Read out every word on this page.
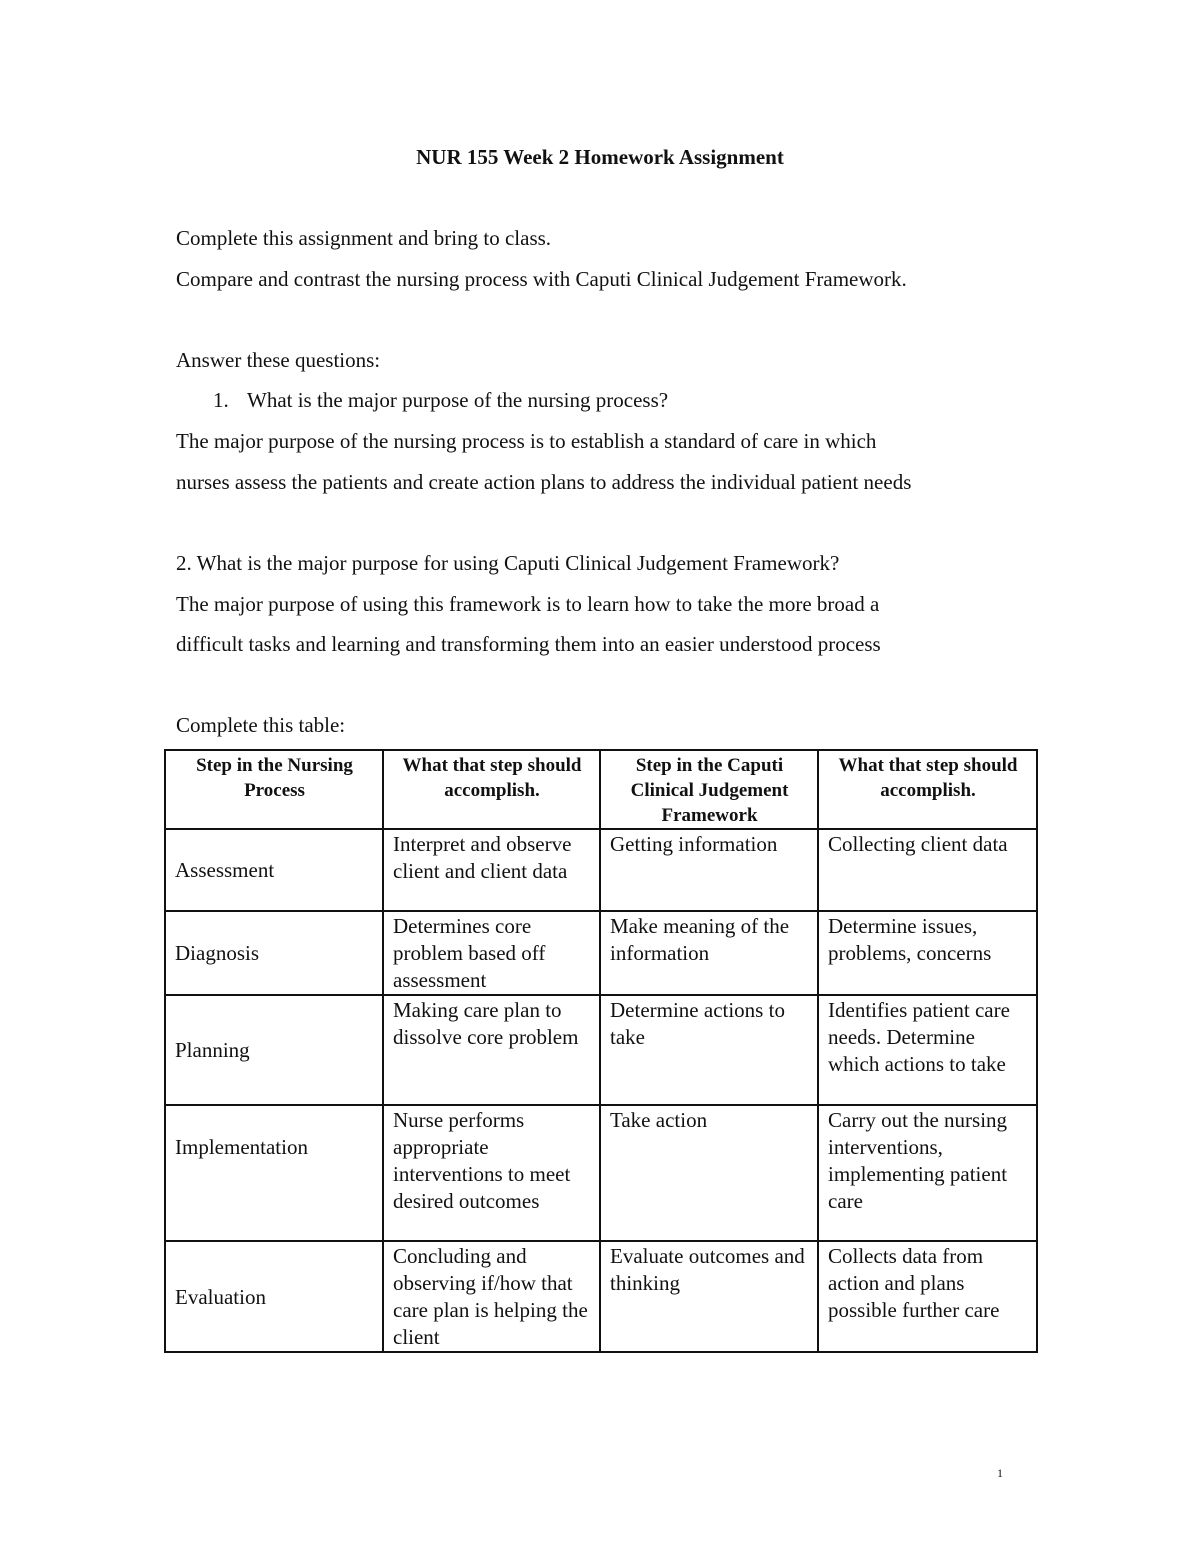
NUR 155 Week 2 Homework Assignment
Complete this assignment and bring to class.
Compare and contrast the nursing process with Caputi Clinical Judgement Framework.
Answer these questions:
1. What is the major purpose of the nursing process?
The major purpose of the nursing process is to establish a standard of care in which
nurses assess the patients and create action plans to address the individual patient needs
2. What is the major purpose for using Caputi Clinical Judgement Framework?
The major purpose of using this framework is to learn how to take the more broad a
difficult tasks and learning and transforming them into an easier understood process
Complete this table:
Step in the Nursing Process	What that step should accomplish.	Step in the Caputi Clinical Judgement Framework	What that step should accomplish.
Assessment	Interpret and observe client and client data	Getting information	Collecting client data
Diagnosis	Determines core problem based off assessment	Make meaning of the information	Determine issues, problems, concerns
Planning	Making care plan to dissolve core problem	Determine actions to take	Identifies patient care needs. Determine which actions to take
Implementation	Nurse performs appropriate interventions to meet desired outcomes	Take action	Carry out the nursing interventions, implementing patient care
Evaluation	Concluding and observing if/how that care plan is helping the client	Evaluate outcomes and thinking	Collects data from action and plans possible further care
1
